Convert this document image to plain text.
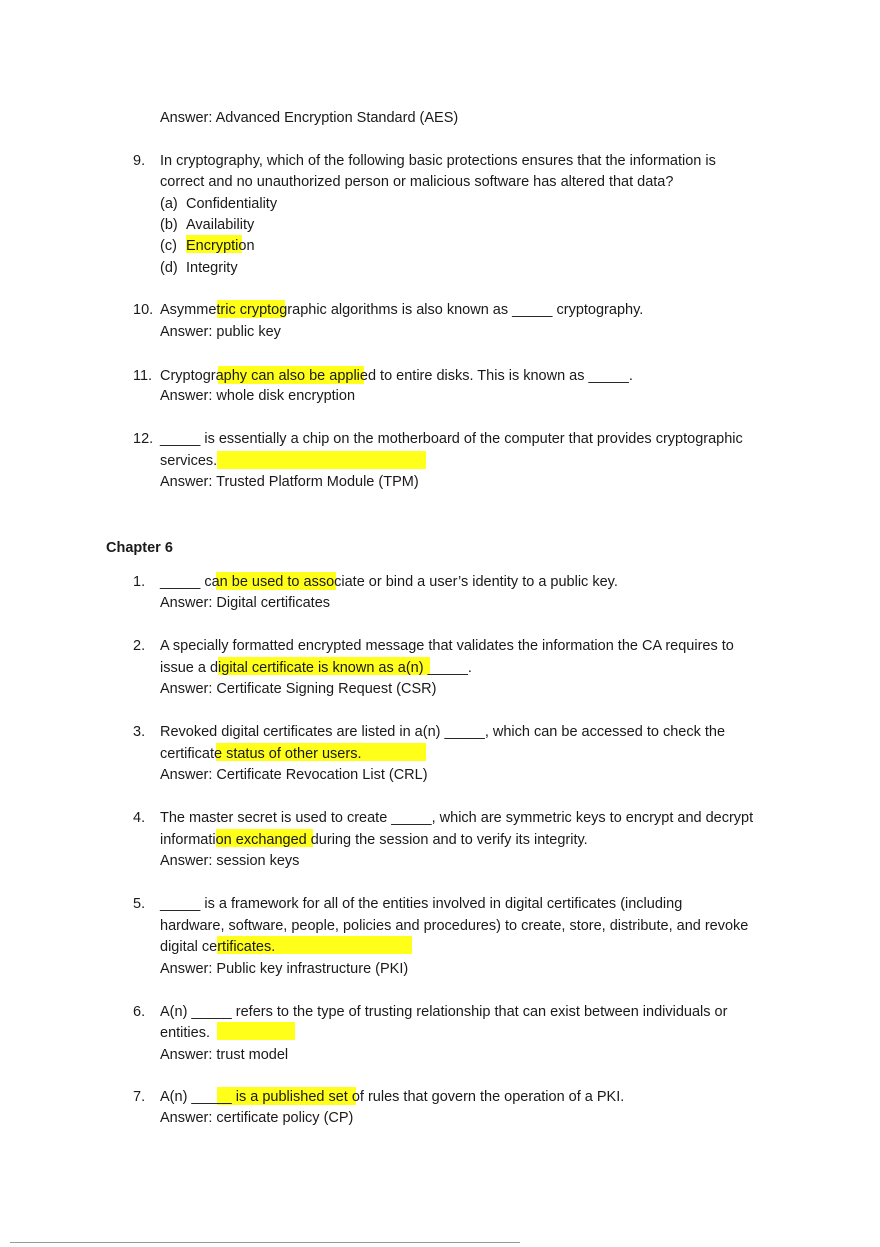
Answer: Advanced Encryption Standard (AES)
9. In cryptography, which of the following basic protections ensures that the information is
correct and no unauthorized person or malicious software has altered that data?
(a) Confidentiality
(b) Availability
(c) Encryption
(d) Integrity
10. Asymmetric cryptographic algorithms is also known as _____ cryptography.
Answer: public key
11. Cryptography can also be applied to entire disks. This is known as _____.
Answer: whole disk encryption
12. _____ is essentially a chip on the motherboard of the computer that provides cryptographic
services.
Answer: Trusted Platform Module (TPM)
Chapter 6
1. _____ can be used to associate or bind a user’s identity to a public key.
Answer: Digital certificates
2. A specially formatted encrypted message that validates the information the CA requires to
issue a digital certificate is known as a(n) _____.
Answer: Certificate Signing Request (CSR)
3. Revoked digital certificates are listed in a(n) _____, which can be accessed to check the
certificate status of other users.
Answer: Certificate Revocation List (CRL)
4. The master secret is used to create _____, which are symmetric keys to encrypt and decrypt
information exchanged during the session and to verify its integrity.
Answer: session keys
5. _____ is a framework for all of the entities involved in digital certificates (including
hardware, software, people, policies and procedures) to create, store, distribute, and revoke
digital certificates.
Answer: Public key infrastructure (PKI)
6. A(n) _____ refers to the type of trusting relationship that can exist between individuals or
entities.
Answer: trust model
7. A(n) _____ is a published set of rules that govern the operation of a PKI.
Answer: certificate policy (CP)
